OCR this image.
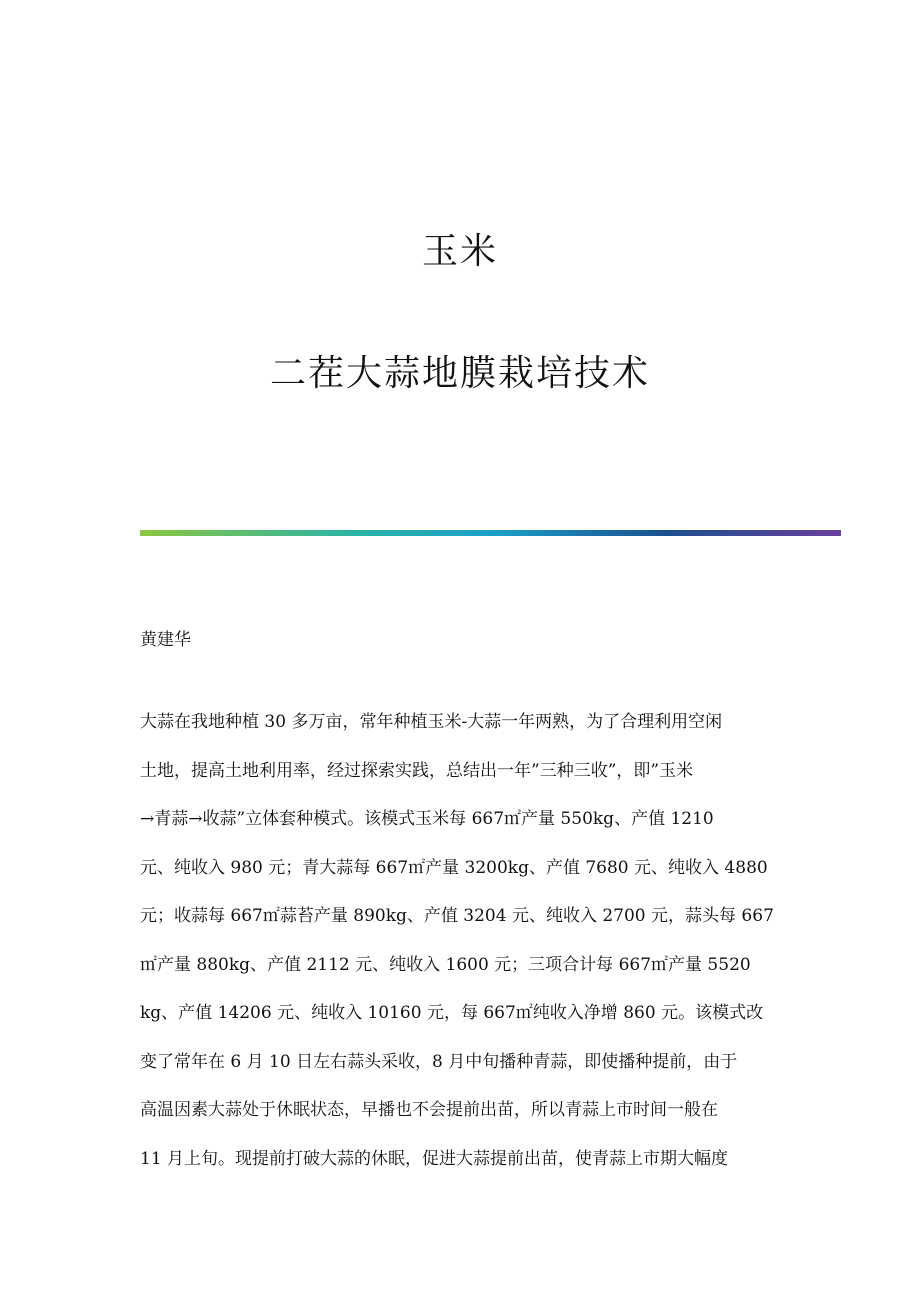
玉米
二茬大蒜地膜栽培技术
黄建华
大蒜在我地种植 30 多万亩，常年种植玉米-大蒜一年两熟，为了合理利用空闲
土地，提高土地利用率，经过探索实践，总结出一年”三种三收”，即”玉米
→青蒜→收蒜”立体套种模式。该模式玉米每 667㎡产量 550kg、产值 1210
元、纯收入 980 元；青大蒜每 667㎡产量 3200kg、产值 7680 元、纯收入 4880
元；收蒜每 667㎡蒜苔产量 890kg、产值 3204 元、纯收入 2700 元，蒜头每 667
㎡产量 880kg、产值 2112 元、纯收入 1600 元；三项合计每 667㎡产量 5520
kg、产值 14206 元、纯收入 10160 元，每 667㎡纯收入净增 860 元。该模式改
变了常年在 6 月 10 日左右蒜头采收，8 月中旬播种青蒜，即使播种提前，由于
高温因素大蒜处于休眠状态，早播也不会提前出苗，所以青蒜上市时间一般在
11 月上旬。现提前打破大蒜的休眠，促进大蒜提前出苗，使青蒜上市期大幅度
